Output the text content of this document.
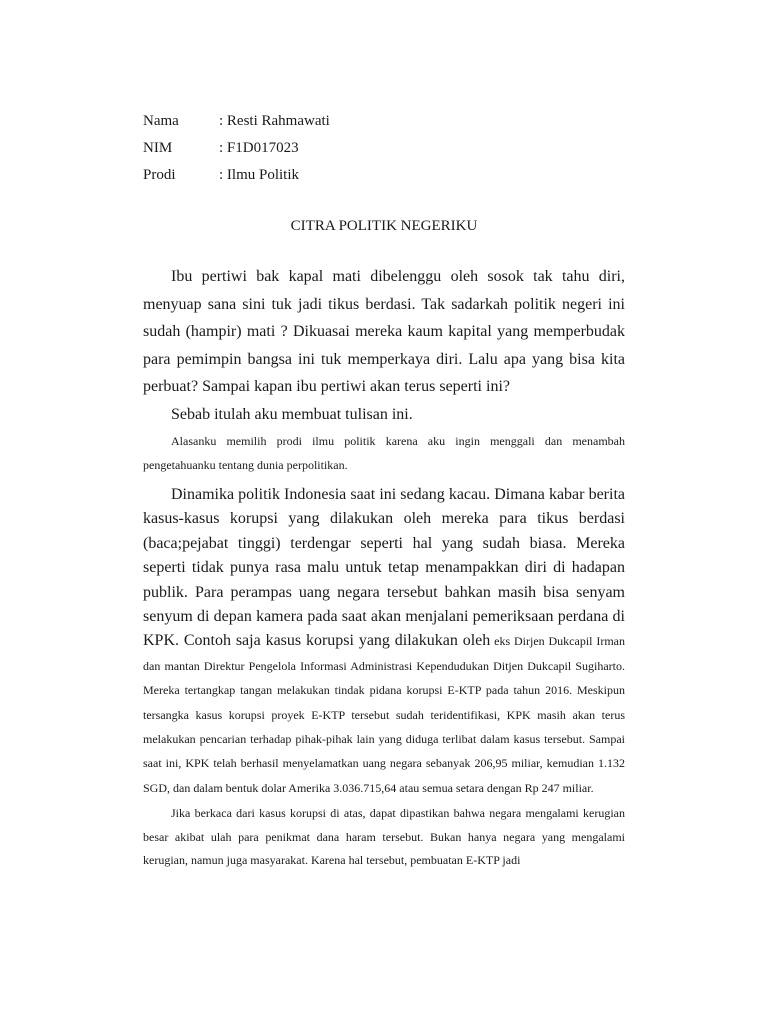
Nama	: Resti Rahmawati
NIM	: F1D017023
Prodi	: Ilmu Politik
CITRA POLITIK NEGERIKU

Ibu pertiwi bak kapal mati dibelenggu oleh sosok tak tahu diri, menyuap sana sini tuk jadi tikus berdasi. Tak sadarkah politik negeri ini sudah (hampir) mati ? Dikuasai mereka kaum kapital yang memperbudak para pemimpin bangsa ini tuk memperkaya diri. Lalu apa yang bisa kita perbuat? Sampai kapan ibu pertiwi akan terus seperti ini?

Sebab itulah aku membuat tulisan ini.

Alasanku memilih prodi ilmu politik karena aku ingin menggali dan menambah pengetahuanku tentang dunia perpolitikan.

Dinamika politik Indonesia saat ini sedang kacau. Dimana kabar berita kasus-kasus korupsi yang dilakukan oleh mereka para tikus berdasi (baca;pejabat tinggi) terdengar seperti hal yang sudah biasa. Mereka seperti tidak punya rasa malu untuk tetap menampakkan diri di hadapan publik. Para perampas uang negara tersebut bahkan masih bisa senyam senyum di depan kamera pada saat akan menjalani pemeriksaan perdana di KPK. Contoh saja kasus korupsi yang dilakukan oleh eks Dirjen Dukcapil Irman dan mantan Direktur Pengelola Informasi Administrasi Kependudukan Ditjen Dukcapil Sugiharto. Mereka tertangkap tangan melakukan tindak pidana korupsi E-KTP pada tahun 2016. Meskipun tersangka kasus korupsi proyek E-KTP tersebut sudah teridentifikasi, KPK masih akan terus melakukan pencarian terhadap pihak-pihak lain yang diduga terlibat dalam kasus tersebut. Sampai saat ini, KPK telah berhasil menyelamatkan uang negara sebanyak 206,95 miliar, kemudian 1.132 SGD, dan dalam bentuk dolar Amerika 3.036.715,64 atau semua setara dengan Rp 247 miliar.

Jika berkaca dari kasus korupsi di atas, dapat dipastikan bahwa negara mengalami kerugian besar akibat ulah para penikmat dana haram tersebut. Bukan hanya negara yang mengalami kerugian, namun juga masyarakat. Karena hal tersebut, pembuatan E-KTP jadi
